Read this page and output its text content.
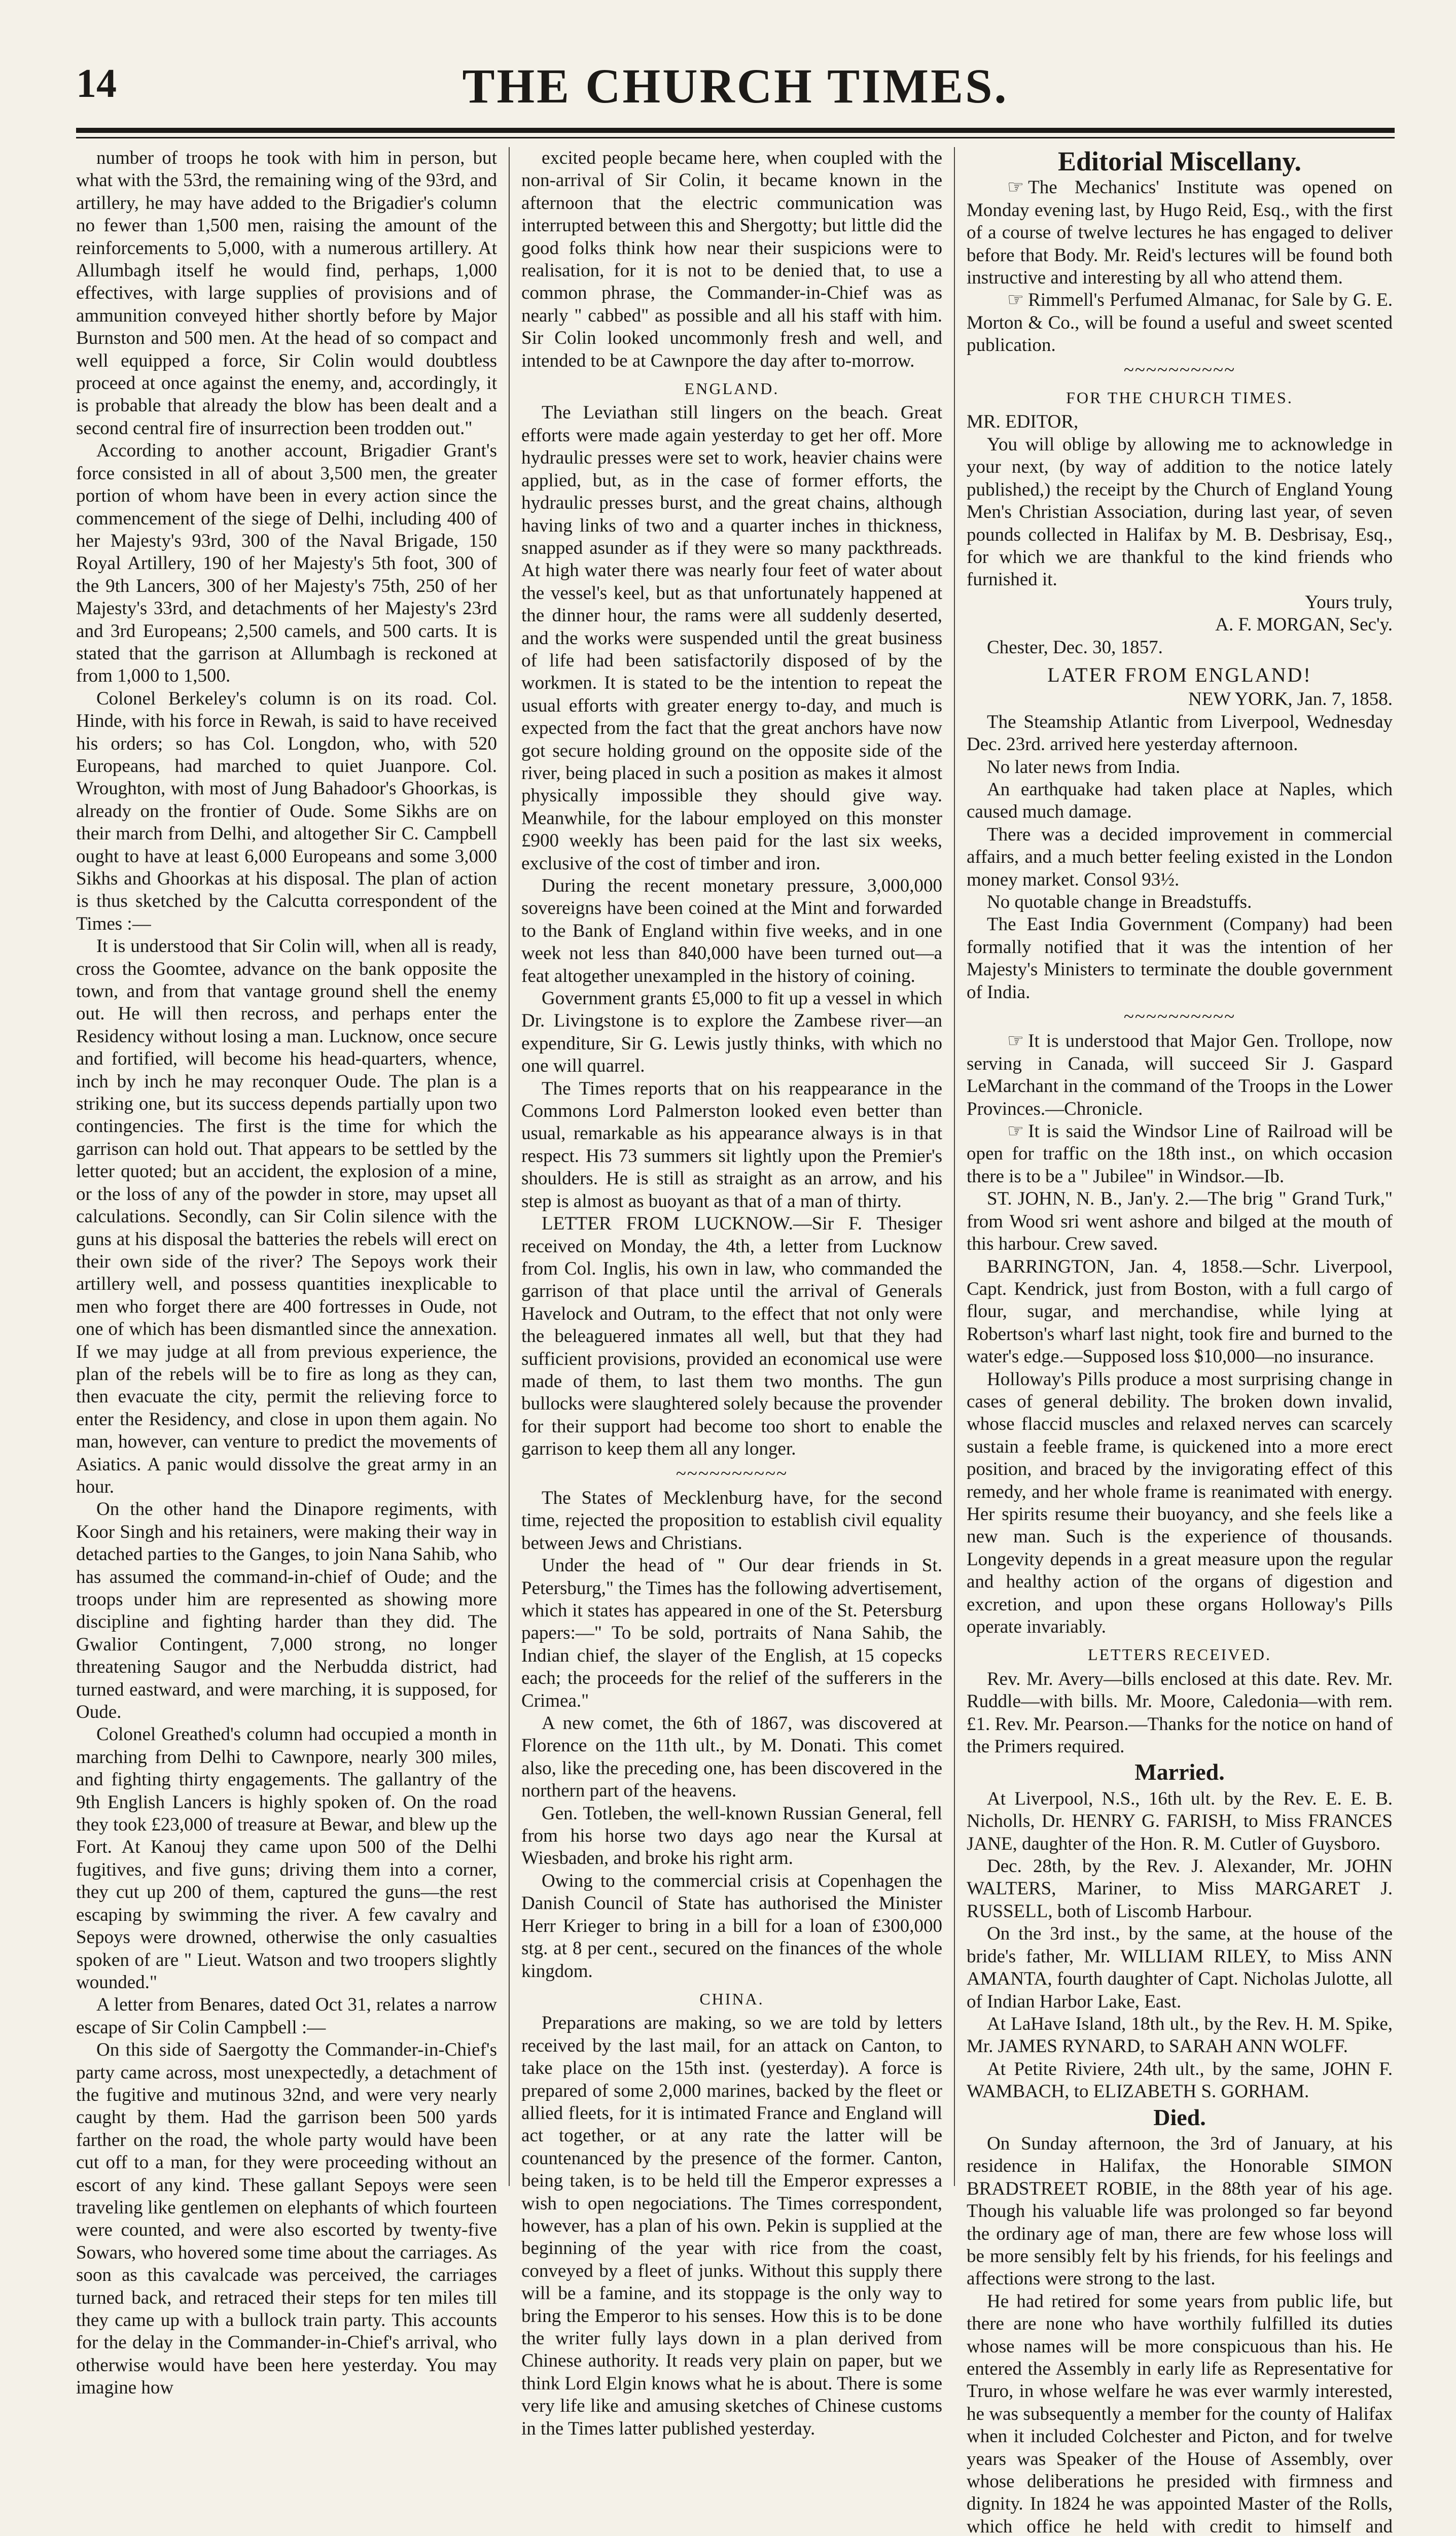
14	THE CHURCH TIMES.

number of troops he took with him in person, but what with the 53rd, the remaining wing of the 93rd, and artillery, he may have added to the Brigadier's column no fewer than 1,500 men, raising the amount of the reinforcements to 5,000, with a numerous artillery. At Allumbagh itself he would find, perhaps, 1,000 effectives, with large supplies of provisions and of ammunition conveyed hither shortly before by Major Burnston and 500 men. At the head of so compact and well equipped a force, Sir Colin would doubtless proceed at once against the enemy, and, accordingly, it is probable that already the blow has been dealt and a second central fire of insurrection been trodden out."

According to another account, Brigadier Grant's force consisted in all of about 3,500 men, the greater portion of whom have been in every action since the commencement of the siege of Delhi, including 400 of her Majesty's 93rd, 300 of the Naval Brigade, 150 Royal Artillery, 190 of her Majesty's 5th foot, 300 of the 9th Lancers, 300 of her Majesty's 75th, 250 of her Majesty's 33rd, and detachments of her Majesty's 23rd and 3rd Europeans; 2,500 camels, and 500 carts. It is stated that the garrison at Allumbagh is reckoned at from 1,000 to 1,500.

Colonel Berkeley's column is on its road. Col. Hinde, with his force in Rewah, is said to have received his orders; so has Col. Longdon, who, with 520 Europeans, had marched to quiet Juanpore. Col. Wroughton, with most of Jung Bahadoor's Ghoorkas, is already on the frontier of Oude. Some Sikhs are on their march from Delhi, and altogether Sir C. Campbell ought to have at least 6,000 Europeans and some 3,000 Sikhs and Ghoorkas at his disposal. The plan of action is thus sketched by the Calcutta correspondent of the Times :—

It is understood that Sir Colin will, when all is ready, cross the Goomtee, advance on the bank opposite the town, and from that vantage ground shell the enemy out. He will then recross, and perhaps enter the Residency without losing a man. Lucknow, once secure and fortified, will become his head-quarters, whence, inch by inch he may reconquer Oude. The plan is a striking one, but its success depends partially upon two contingencies. The first is the time for which the garrison can hold out. That appears to be settled by the letter quoted; but an accident, the explosion of a mine, or the loss of any of the powder in store, may upset all calculations. Secondly, can Sir Colin silence with the guns at his disposal the batteries the rebels will erect on their own side of the river? The Sepoys work their artillery well, and possess quantities inexplicable to men who forget there are 400 fortresses in Oude, not one of which has been dismantled since the annexation. If we may judge at all from previous experience, the plan of the rebels will be to fire as long as they can, then evacuate the city, permit the relieving force to enter the Residency, and close in upon them again. No man, however, can venture to predict the movements of Asiatics. A panic would dissolve the great army in an hour.

On the other hand the Dinapore regiments, with Koor Singh and his retainers, were making their way in detached parties to the Ganges, to join Nana Sahib, who has assumed the command-in-chief of Oude; and the troops under him are represented as showing more discipline and fighting harder than they did. The Gwalior Contingent, 7,000 strong, no longer threatening Saugor and the Nerbudda district, had turned eastward, and were marching, it is supposed, for Oude.

Colonel Greathed's column had occupied a month in marching from Delhi to Cawnpore, nearly 300 miles, and fighting thirty engagements. The gallantry of the 9th English Lancers is highly spoken of. On the road they took £23,000 of treasure at Bewar, and blew up the Fort. At Kanouj they came upon 500 of the Delhi fugitives, and five guns; driving them into a corner, they cut up 200 of them, captured the guns—the rest escaping by swimming the river. A few cavalry and Sepoys were drowned, otherwise the only casualties spoken of are " Lieut. Watson and two troopers slightly wounded."

A letter from Benares, dated Oct 31, relates a narrow escape of Sir Colin Campbell :—

On this side of Saergotty the Commander-in-Chief's party came across, most unexpectedly, a detachment of the fugitive and mutinous 32nd, and were very nearly caught by them. Had the garrison been 500 yards farther on the road, the whole party would have been cut off to a man, for they were proceeding without an escort of any kind. These gallant Sepoys were seen traveling like gentlemen on elephants of which fourteen were counted, and were also escorted by twenty-five Sowars, who hovered some time about the carriages. As soon as this cavalcade was perceived, the carriages turned back, and retraced their steps for ten miles till they came up with a bullock train party. This accounts for the delay in the Commander-in-Chief's arrival, who otherwise would have been here yesterday. You may imagine how

excited people became here, when coupled with the non-arrival of Sir Colin, it became known in the afternoon that the electric communication was interrupted between this and Shergotty; but little did the good folks think how near their suspicions were to realisation, for it is not to be denied that, to use a common phrase, the Commander-in-Chief was as nearly " cabbed" as possible and all his staff with him. Sir Colin looked uncommonly fresh and well, and intended to be at Cawnpore the day after to-morrow.

ENGLAND.

The Leviathan still lingers on the beach. Great efforts were made again yesterday to get her off. More hydraulic presses were set to work, heavier chains were applied, but, as in the case of former efforts, the hydraulic presses burst, and the great chains, although having links of two and a quarter inches in thickness, snapped asunder as if they were so many packthreads. At high water there was nearly four feet of water about the vessel's keel, but as that unfortunately happened at the dinner hour, the rams were all suddenly deserted, and the works were suspended until the great business of life had been satisfactorily disposed of by the workmen. It is stated to be the intention to repeat the usual efforts with greater energy to-day, and much is expected from the fact that the great anchors have now got secure holding ground on the opposite side of the river, being placed in such a position as makes it almost physically impossible they should give way. Meanwhile, for the labour employed on this monster £900 weekly has been paid for the last six weeks, exclusive of the cost of timber and iron.

During the recent monetary pressure, 3,000,000 sovereigns have been coined at the Mint and forwarded to the Bank of England within five weeks, and in one week not less than 840,000 have been turned out—a feat altogether unexampled in the history of coining.

Government grants £5,000 to fit up a vessel in which Dr. Livingstone is to explore the Zambese river—an expenditure, Sir G. Lewis justly thinks, with which no one will quarrel.

The Times reports that on his reappearance in the Commons Lord Palmerston looked even better than usual, remarkable as his appearance always is in that respect. His 73 summers sit lightly upon the Premier's shoulders. He is still as straight as an arrow, and his step is almost as buoyant as that of a man of thirty.

LETTER FROM LUCKNOW.—Sir F. Thesiger received on Monday, the 4th, a letter from Lucknow from Col. Inglis, his own in law, who commanded the garrison of that place until the arrival of Generals Havelock and Outram, to the effect that not only were the beleaguered inmates all well, but that they had sufficient provisions, provided an economical use were made of them, to last them two months. The gun bullocks were slaughtered solely because the provender for their support had become too short to enable the garrison to keep them all any longer.

~~~~~~~~~~

The States of Mecklenburg have, for the second time, rejected the proposition to establish civil equality between Jews and Christians.

Under the head of " Our dear friends in St. Petersburg," the Times has the following advertisement, which it states has appeared in one of the St. Petersburg papers:—" To be sold, portraits of Nana Sahib, the Indian chief, the slayer of the English, at 15 copecks each; the proceeds for the relief of the sufferers in the Crimea."

A new comet, the 6th of 1867, was discovered at Florence on the 11th ult., by M. Donati. This comet also, like the preceding one, has been discovered in the northern part of the heavens.

Gen. Totleben, the well-known Russian General, fell from his horse two days ago near the Kursal at Wiesbaden, and broke his right arm.

Owing to the commercial crisis at Copenhagen the Danish Council of State has authorised the Minister Herr Krieger to bring in a bill for a loan of £300,000 stg. at 8 per cent., secured on the finances of the whole kingdom.

CHINA.

Preparations are making, so we are told by letters received by the last mail, for an attack on Canton, to take place on the 15th inst. (yesterday). A force is prepared of some 2,000 marines, backed by the fleet or allied fleets, for it is intimated France and England will act together, or at any rate the latter will be countenanced by the presence of the former. Canton, being taken, is to be held till the Emperor expresses a wish to open negociations. The Times correspondent, however, has a plan of his own. Pekin is supplied at the beginning of the year with rice from the coast, conveyed by a fleet of junks. Without this supply there will be a famine, and its stoppage is the only way to bring the Emperor to his senses. How this is to be done the writer fully lays down in a plan derived from Chinese authority. It reads very plain on paper, but we think Lord Elgin knows what he is about. There is some very life like and amusing sketches of Chinese customs in the Times latter published yesterday.

Editorial Miscellany.

☞ The Mechanics' Institute was opened on Monday evening last, by Hugo Reid, Esq., with the first of a course of twelve lectures he has engaged to deliver before that Body. Mr. Reid's lectures will be found both instructive and interesting by all who attend them.

☞ Rimmell's Perfumed Almanac, for Sale by G. E. Morton & Co., will be found a useful and sweet scented publication.

~~~~~~~~~~

FOR THE CHURCH TIMES.

MR. EDITOR,

You will oblige by allowing me to acknowledge in your next, (by way of addition to the notice lately published,) the receipt by the Church of England Young Men's Christian Association, during last year, of seven pounds collected in Halifax by M. B. Desbrisay, Esq., for which we are thankful to the kind friends who furnished it.

Yours truly,

A. F. MORGAN, Sec'y.

Chester, Dec. 30, 1857.

LATER FROM ENGLAND!

NEW YORK, Jan. 7, 1858.

The Steamship Atlantic from Liverpool, Wednesday Dec. 23rd. arrived here yesterday afternoon.

No later news from India.

An earthquake had taken place at Naples, which caused much damage.

There was a decided improvement in commercial affairs, and a much better feeling existed in the London money market. Consol 93½.

No quotable change in Breadstuffs.

The East India Government (Company) had been formally notified that it was the intention of her Majesty's Ministers to terminate the double government of India.

~~~~~~~~~~

☞ It is understood that Major Gen. Trollope, now serving in Canada, will succeed Sir J. Gaspard LeMarchant in the command of the Troops in the Lower Provinces.—Chronicle.

☞ It is said the Windsor Line of Railroad will be open for traffic on the 18th inst., on which occasion there is to be a " Jubilee" in Windsor.—Ib.

ST. JOHN, N. B., Jan'y. 2.—The brig " Grand Turk," from Wood sri went ashore and bilged at the mouth of this harbour. Crew saved.

BARRINGTON, Jan. 4, 1858.—Schr. Liverpool, Capt. Kendrick, just from Boston, with a full cargo of flour, sugar, and merchandise, while lying at Robertson's wharf last night, took fire and burned to the water's edge.—Supposed loss $10,000—no insurance.

Holloway's Pills produce a most surprising change in cases of general debility. The broken down invalid, whose flaccid muscles and relaxed nerves can scarcely sustain a feeble frame, is quickened into a more erect position, and braced by the invigorating effect of this remedy, and her whole frame is reanimated with energy. Her spirits resume their buoyancy, and she feels like a new man. Such is the experience of thousands. Longevity depends in a great measure upon the regular and healthy action of the organs of digestion and excretion, and upon these organs Holloway's Pills operate invariably.

LETTERS RECEIVED.

Rev. Mr. Avery—bills enclosed at this date. Rev. Mr. Ruddle—with bills. Mr. Moore, Caledonia—with rem. £1. Rev. Mr. Pearson.—Thanks for the notice on hand of the Primers required.

Married.

At Liverpool, N.S., 16th ult. by the Rev. E. E. B. Nicholls, Dr. HENRY G. FARISH, to Miss FRANCES JANE, daughter of the Hon. R. M. Cutler of Guysboro.

Dec. 28th, by the Rev. J. Alexander, Mr. JOHN WALTERS, Mariner, to Miss MARGARET J. RUSSELL, both of Liscomb Harbour.

On the 3rd inst., by the same, at the house of the bride's father, Mr. WILLIAM RILEY, to Miss ANN AMANTA, fourth daughter of Capt. Nicholas Julotte, all of Indian Harbor Lake, East.

At LaHave Island, 18th ult., by the Rev. H. M. Spike, Mr. JAMES RYNARD, to SARAH ANN WOLFF.

At Petite Riviere, 24th ult., by the same, JOHN F. WAMBACH, to ELIZABETH S. GORHAM.

Died.

On Sunday afternoon, the 3rd of January, at his residence in Halifax, the Honorable SIMON BRADSTREET ROBIE, in the 88th year of his age. Though his valuable life was prolonged so far beyond the ordinary age of man, there are few whose loss will be more sensibly felt by his friends, for his feelings and affections were strong to the last.

He had retired for some years from public life, but there are none who have worthily fulfilled its duties whose names will be more conspicuous than his. He entered the Assembly in early life as Representative for Truro, in whose welfare he was ever warmly interested, he was subsequently a member for the county of Halifax when it included Colchester and Picton, and for twelve years was Speaker of the House of Assembly, over whose deliberations he presided with firmness and dignity. In 1824 he was appointed Master of the Rolls, which office he held with credit to himself and
